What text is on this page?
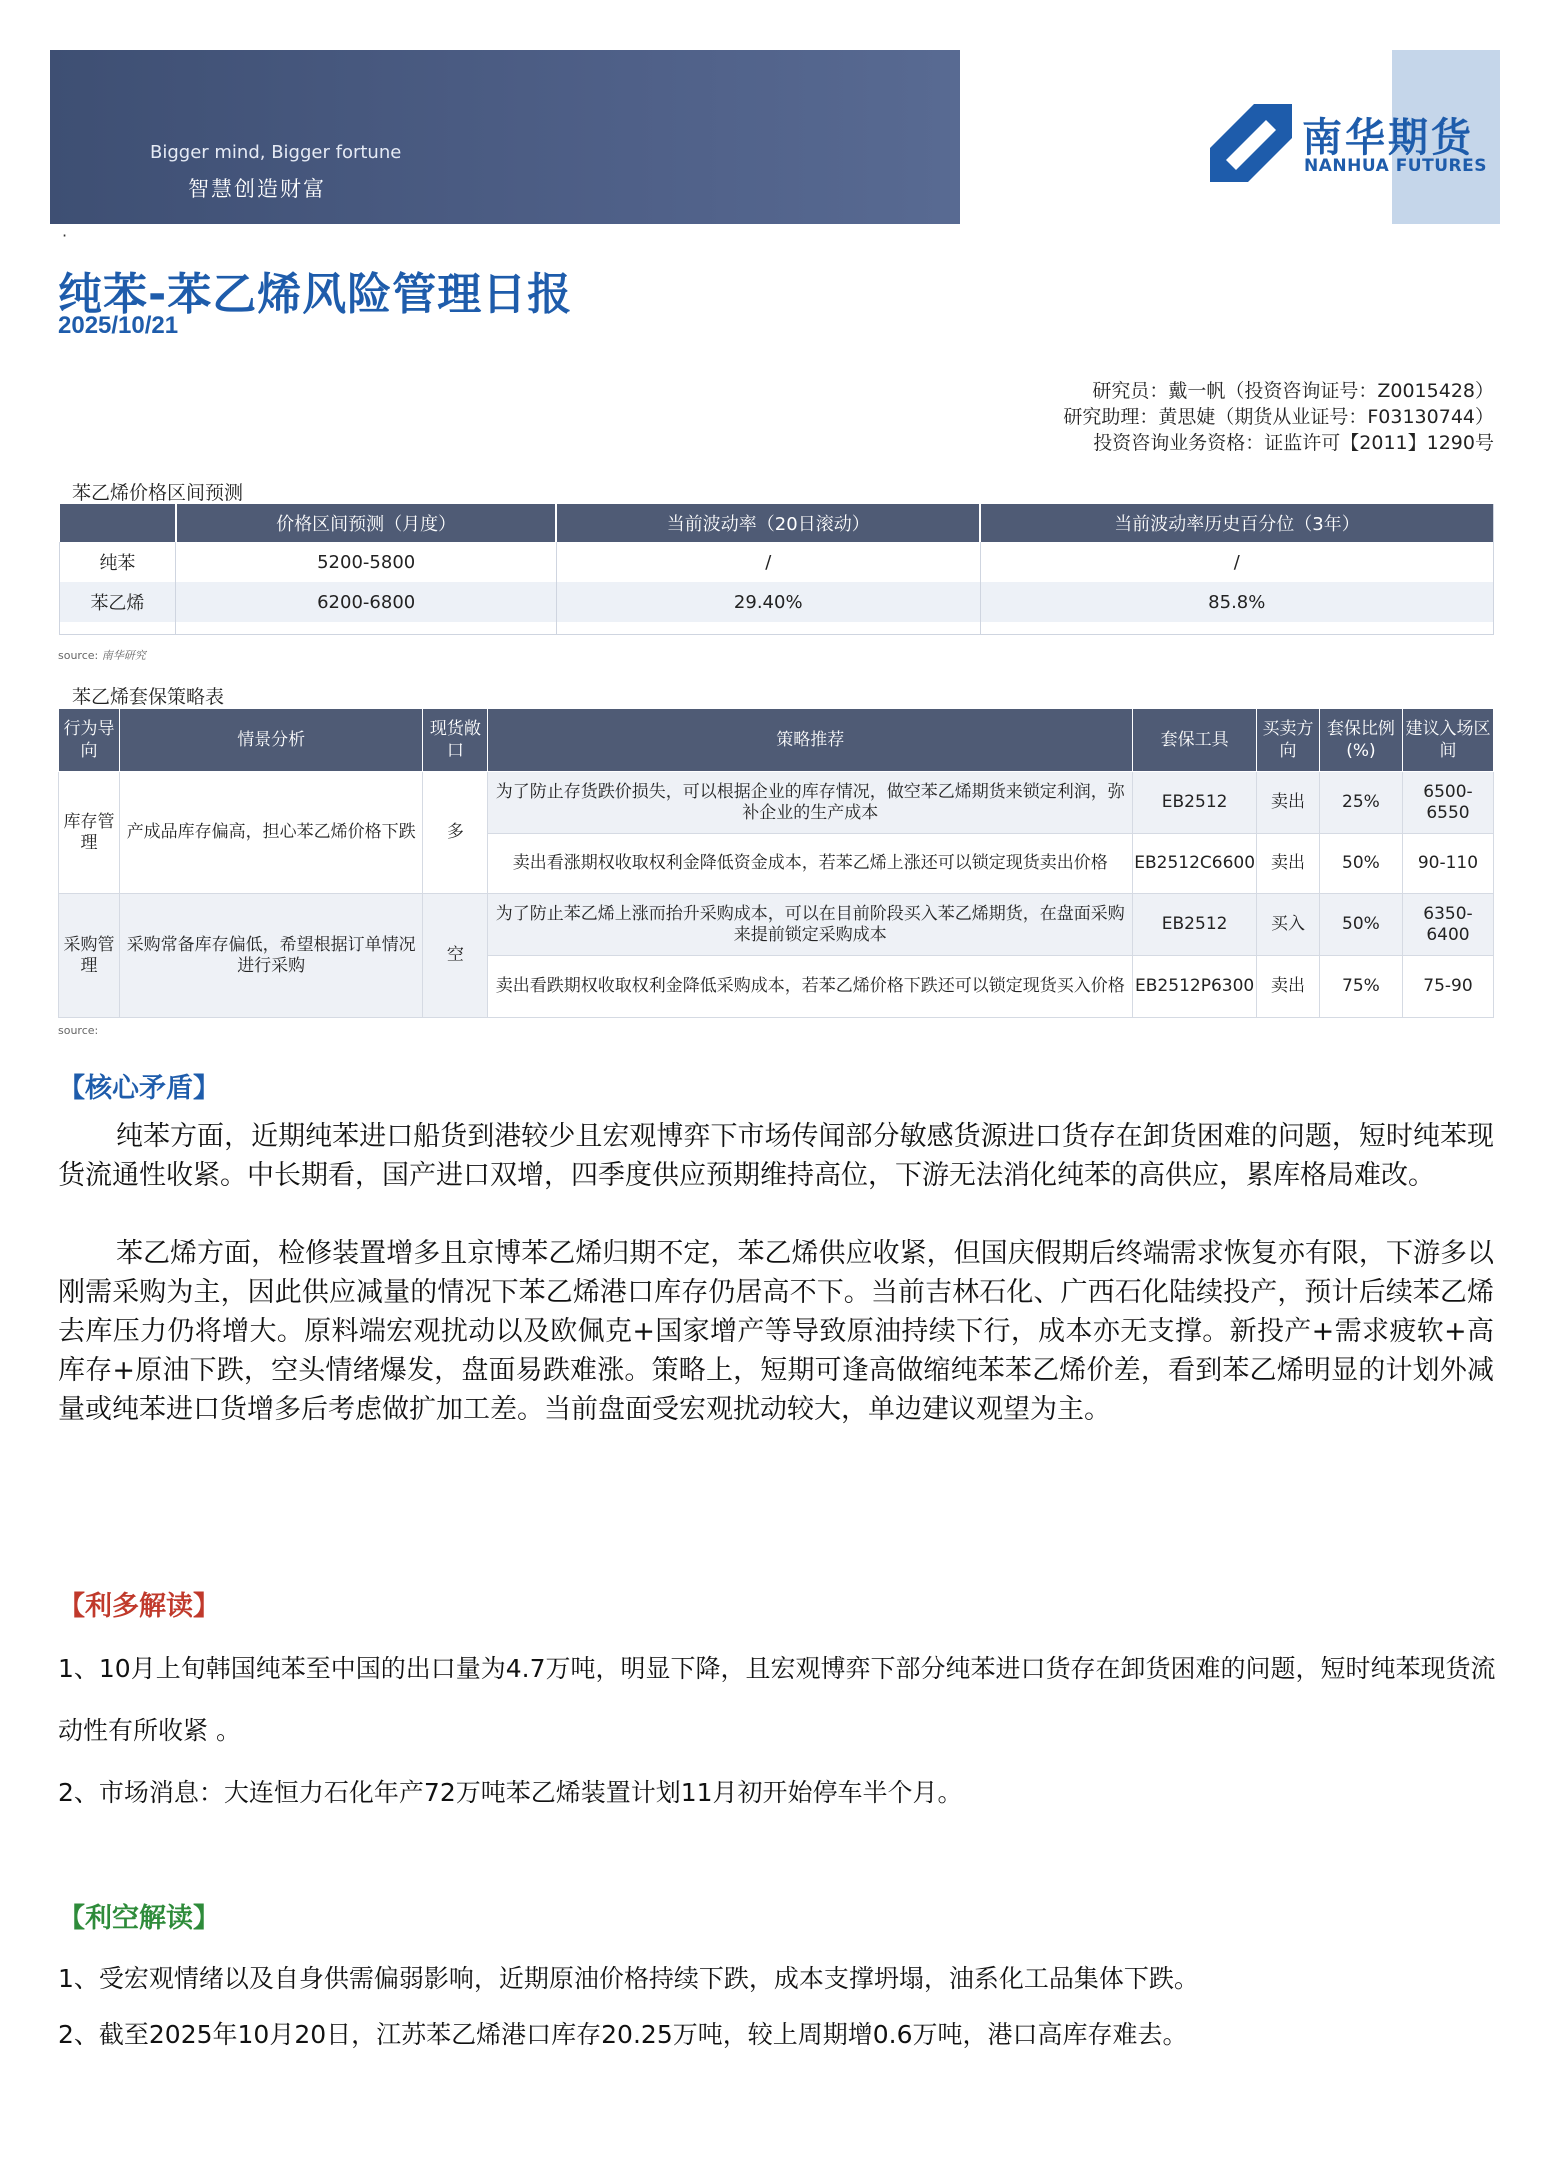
Bigger mind, Bigger fortune
智慧创造财富
南华期货
NANHUA FUTURES
·
纯苯-苯乙烯风险管理日报
2025/10/21
研究员：戴一帆（投资咨询证号：Z0015428）
研究助理：黄思婕（期货从业证号：F03130744）
投资咨询业务资格：证监许可【2011】1290号
苯乙烯价格区间预测
	价格区间预测（月度）	当前波动率（20日滚动）	当前波动率历史百分位（3年）
纯苯	5200-5800	/	/
苯乙烯	6200-6800	29.40%	85.8%

source: 南华研究
苯乙烯套保策略表
行为导向	情景分析	现货敞口	策略推荐	套保工具	买卖方向	套保比例(%)	建议入场区间
库存管理	产成品库存偏高，担心苯乙烯价格下跌	多	为了防止存货跌价损失，可以根据企业的库存情况，做空苯乙烯期货来锁定利润，弥补企业的生产成本	EB2512	卖出	25%	6500-6550
			卖出看涨期权收取权利金降低资金成本，若苯乙烯上涨还可以锁定现货卖出价格	EB2512C6600	卖出	50%	90-110
采购管理	采购常备库存偏低，希望根据订单情况进行采购	空	为了防止苯乙烯上涨而抬升采购成本，可以在目前阶段买入苯乙烯期货，在盘面采购来提前锁定采购成本	EB2512	买入	50%	6350-6400
			卖出看跌期权收取权利金降低采购成本，若苯乙烯价格下跌还可以锁定现货买入价格	EB2512P6300	卖出	75%	75-90
source:
【核心矛盾】
纯苯方面，近期纯苯进口船货到港较少且宏观博弈下市场传闻部分敏感货源进口货存在卸货困难的问题，短时纯苯现货流通性收紧。中长期看，国产进口双增，四季度供应预期维持高位，下游无法消化纯苯的高供应，累库格局难改。
苯乙烯方面，检修装置增多且京博苯乙烯归期不定，苯乙烯供应收紧，但国庆假期后终端需求恢复亦有限，下游多以刚需采购为主，因此供应减量的情况下苯乙烯港口库存仍居高不下。当前吉林石化、广西石化陆续投产，预计后续苯乙烯去库压力仍将增大。原料端宏观扰动以及欧佩克+国家增产等导致原油持续下行，成本亦无支撑。新投产+需求疲软+高库存+原油下跌，空头情绪爆发，盘面易跌难涨。策略上，短期可逢高做缩纯苯苯乙烯价差，看到苯乙烯明显的计划外减量或纯苯进口货增多后考虑做扩加工差。当前盘面受宏观扰动较大，单边建议观望为主。
【利多解读】
1、10月上旬韩国纯苯至中国的出口量为4.7万吨，明显下降，且宏观博弈下部分纯苯进口货存在卸货困难的问题，短时纯苯现货流动性有所收紧 。
2、市场消息：大连恒力石化年产72万吨苯乙烯装置计划11月初开始停车半个月。
【利空解读】
1、受宏观情绪以及自身供需偏弱影响，近期原油价格持续下跌，成本支撑坍塌，油系化工品集体下跌。
2、截至2025年10月20日，江苏苯乙烯港口库存20.25万吨，较上周期增0.6万吨，港口高库存难去。
